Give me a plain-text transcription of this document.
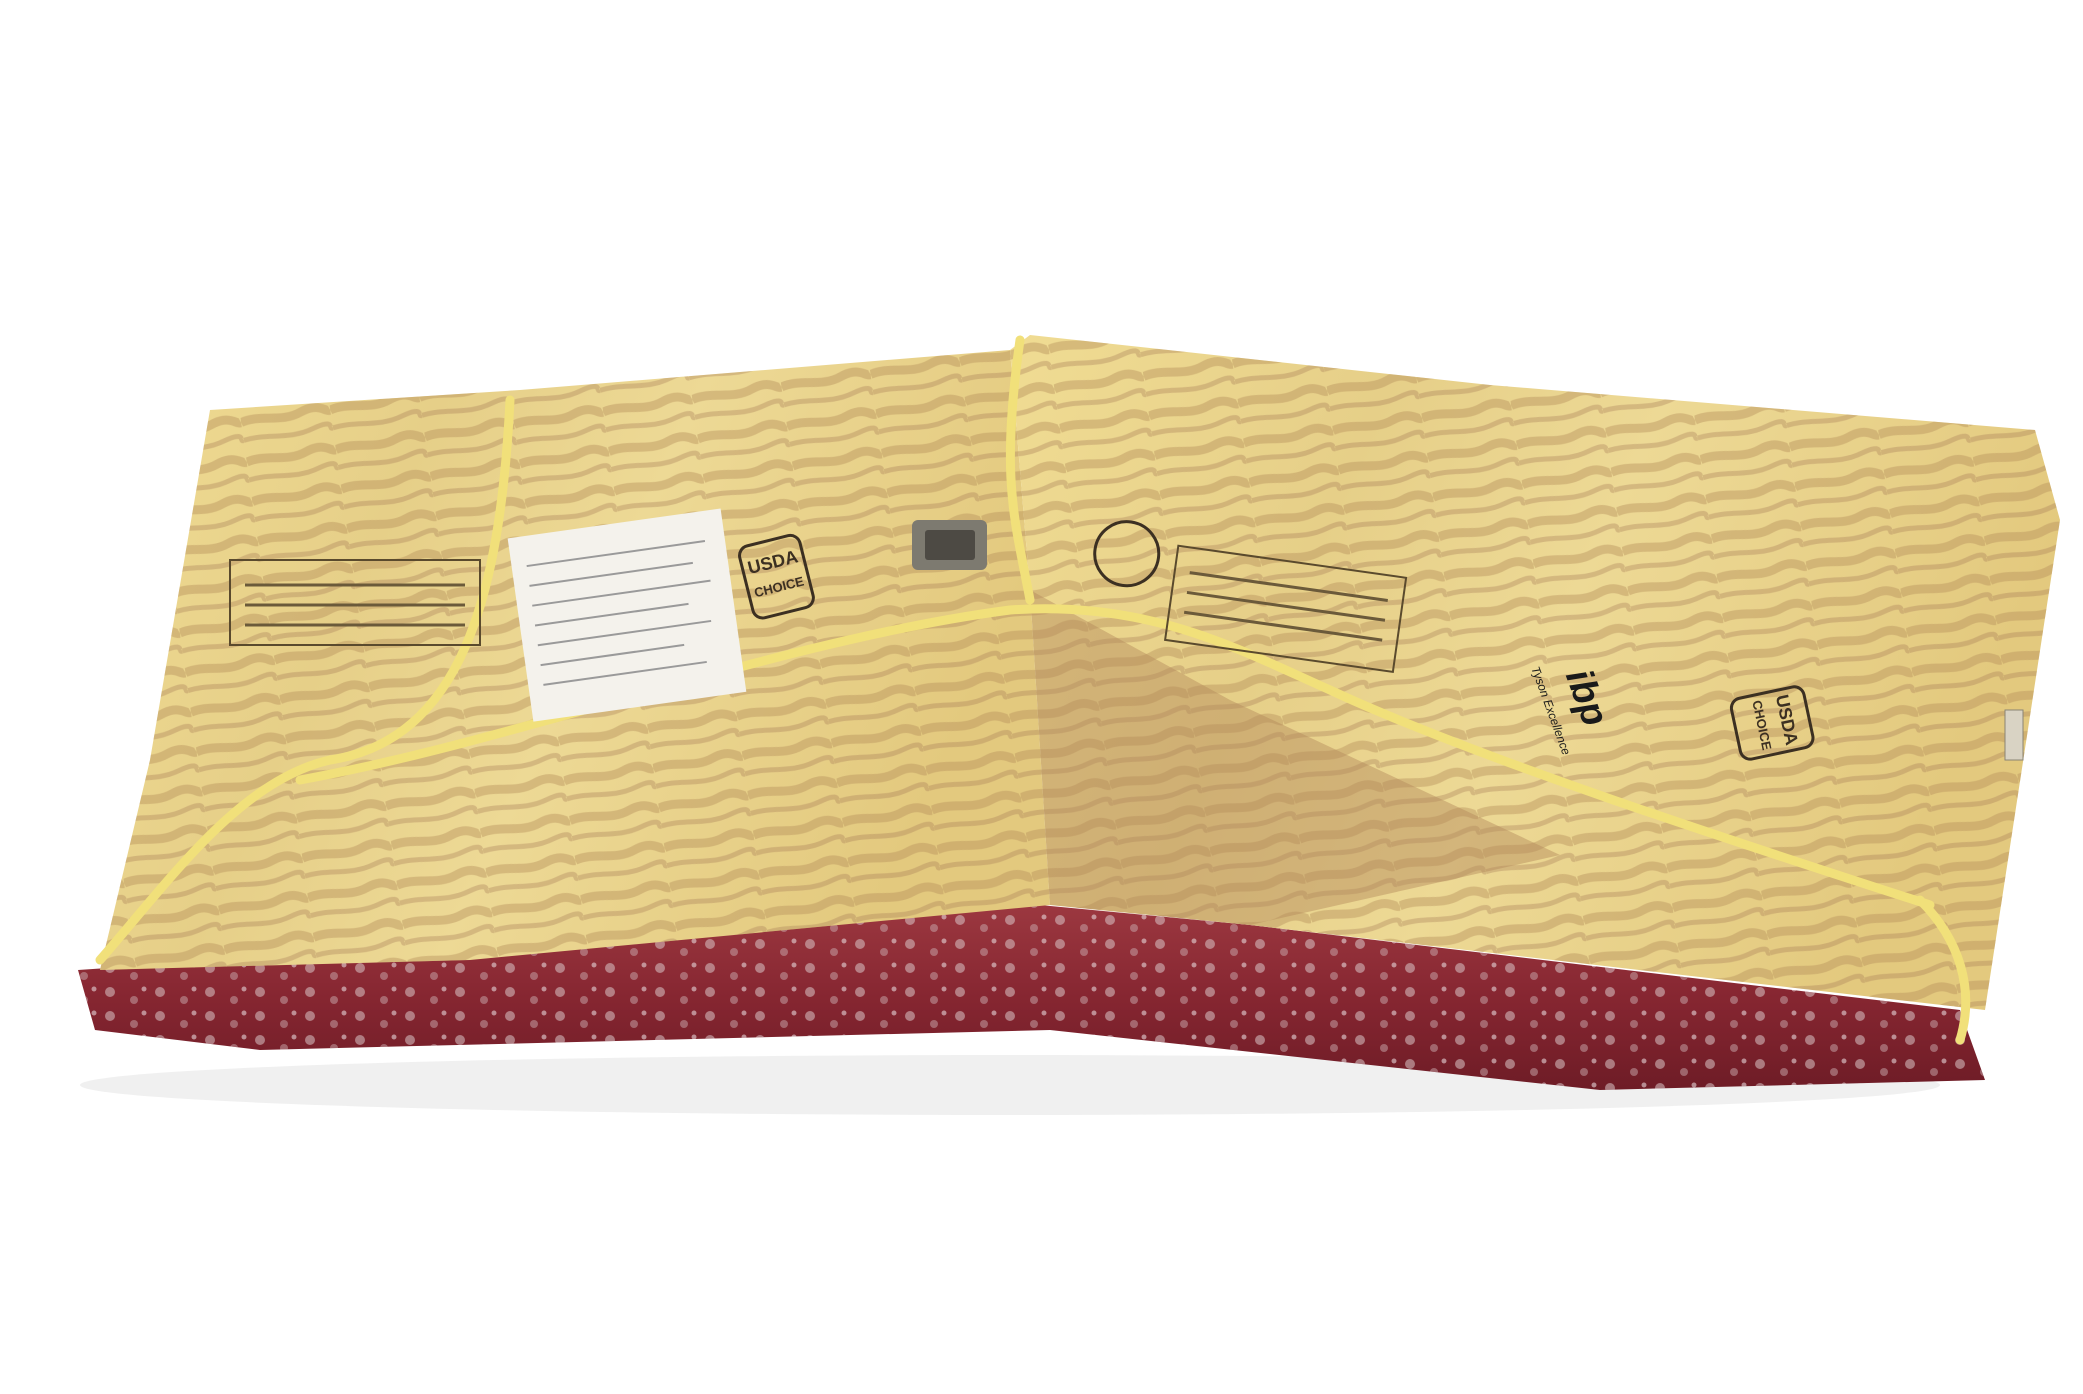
USDA
CHOICE
ibp
Tyson Excellence	USDA
CHOICE
